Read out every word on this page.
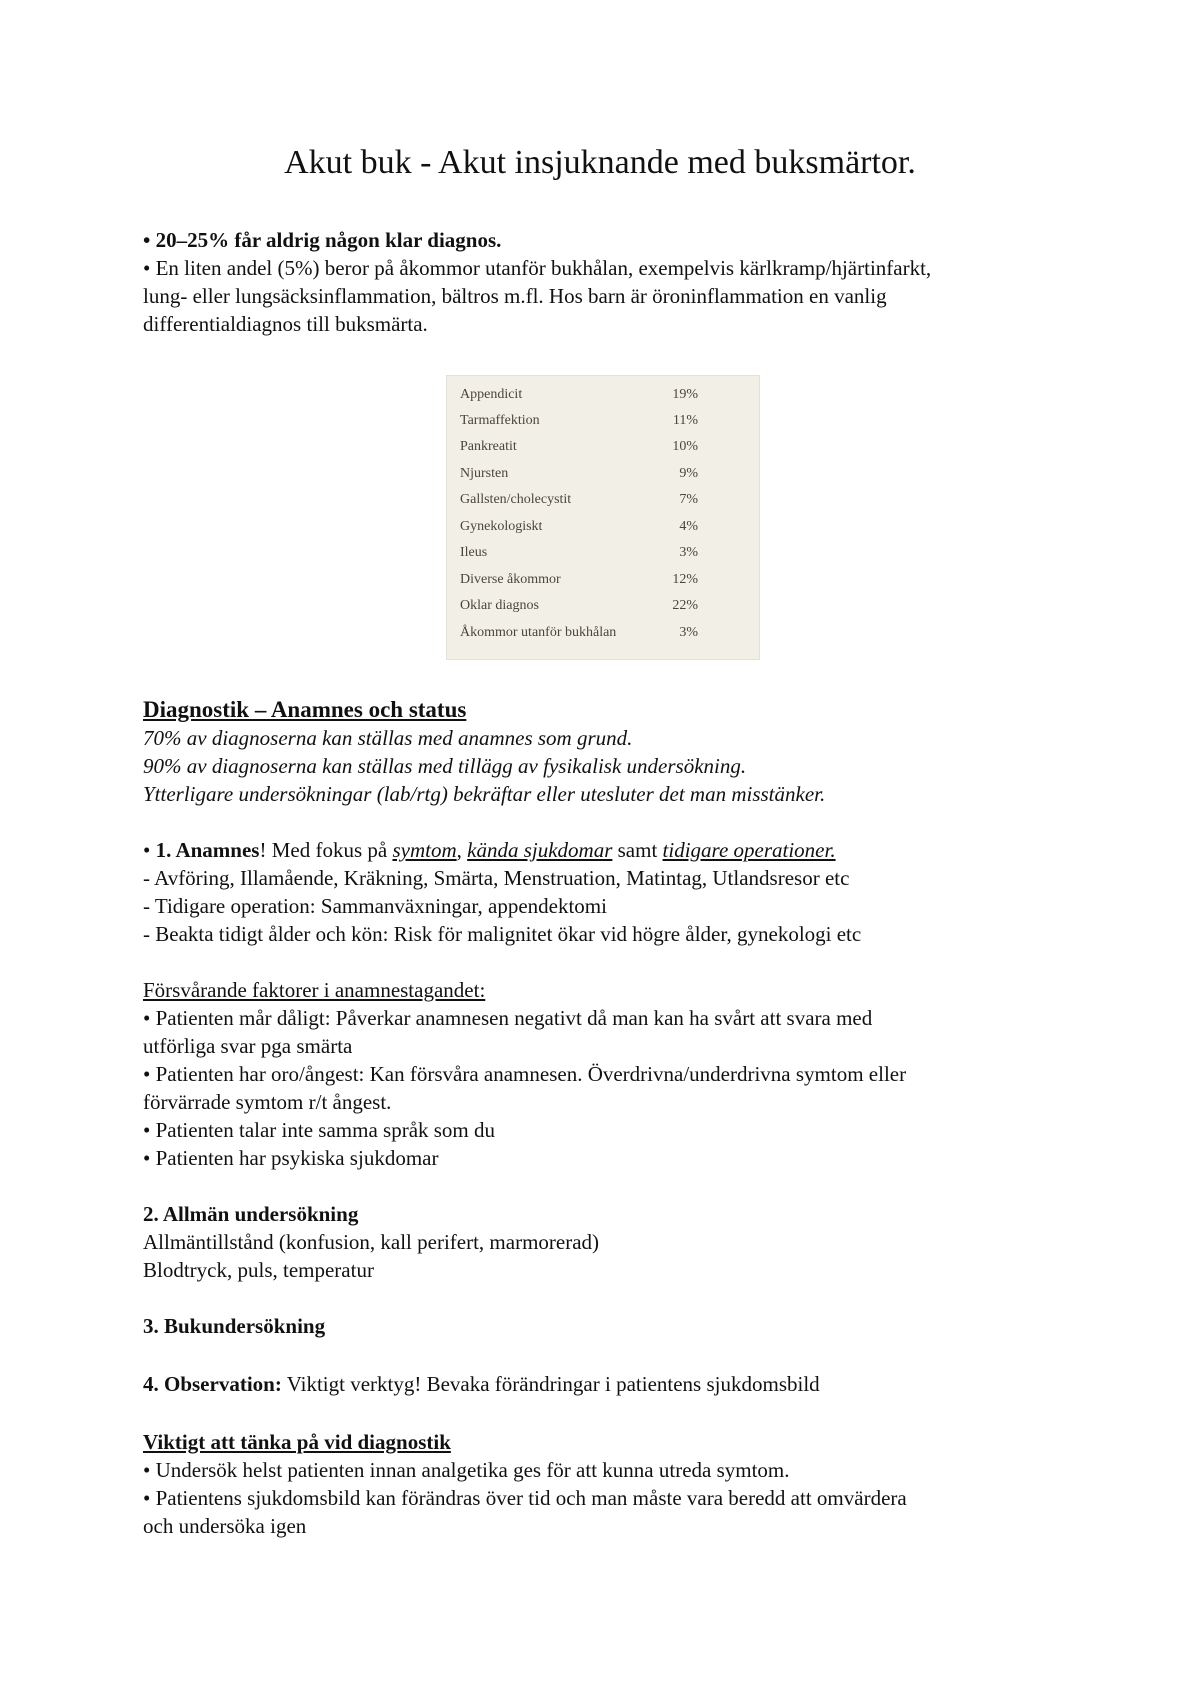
Akut buk - Akut insjuknande med buksmärtor.

• 20–25% får aldrig någon klar diagnos.

• En liten andel (5%) beror på åkommor utanför bukhålan, exempelvis kärlkramp/hjärtinfarkt,

lung- eller lungsäcksinflammation, bältros m.fl. Hos barn är öroninflammation en vanlig

differentialdiagnos till buksmärta.

Appendicit	19%
Tarmaffektion	11%
Pankreatit	10%
Njursten	9%
Gallsten/cholecystit	7%
Gynekologiskt	4%
Ileus	3%
Diverse åkommor	12%
Oklar diagnos	22%
Åkommor utanför bukhålan	3%

Diagnostik – Anamnes och status

70% av diagnoserna kan ställas med anamnes som grund.

90% av diagnoserna kan ställas med tillägg av fysikalisk undersökning.

Ytterligare undersökningar (lab/rtg) bekräftar eller utesluter det man misstänker.

• 1. Anamnes! Med fokus på symtom, kända sjukdomar samt tidigare operationer.

- Avföring, Illamående, Kräkning, Smärta, Menstruation, Matintag, Utlandsresor etc

- Tidigare operation: Sammanväxningar, appendektomi

- Beakta tidigt ålder och kön: Risk för malignitet ökar vid högre ålder, gynekologi etc

Försvårande faktorer i anamnestagandet:

• Patienten mår dåligt: Påverkar anamnesen negativt då man kan ha svårt att svara med

utförliga svar pga smärta

• Patienten har oro/ångest: Kan försvåra anamnesen. Överdrivna/underdrivna symtom eller

förvärrade symtom r/t ångest.

• Patienten talar inte samma språk som du

• Patienten har psykiska sjukdomar

2. Allmän undersökning

Allmäntillstånd (konfusion, kall perifert, marmorerad)

Blodtryck, puls, temperatur

3. Bukundersökning

4. Observation: Viktigt verktyg! Bevaka förändringar i patientens sjukdomsbild

Viktigt att tänka på vid diagnostik

• Undersök helst patienten innan analgetika ges för att kunna utreda symtom.

• Patientens sjukdomsbild kan förändras över tid och man måste vara beredd att omvärdera

och undersöka igen
